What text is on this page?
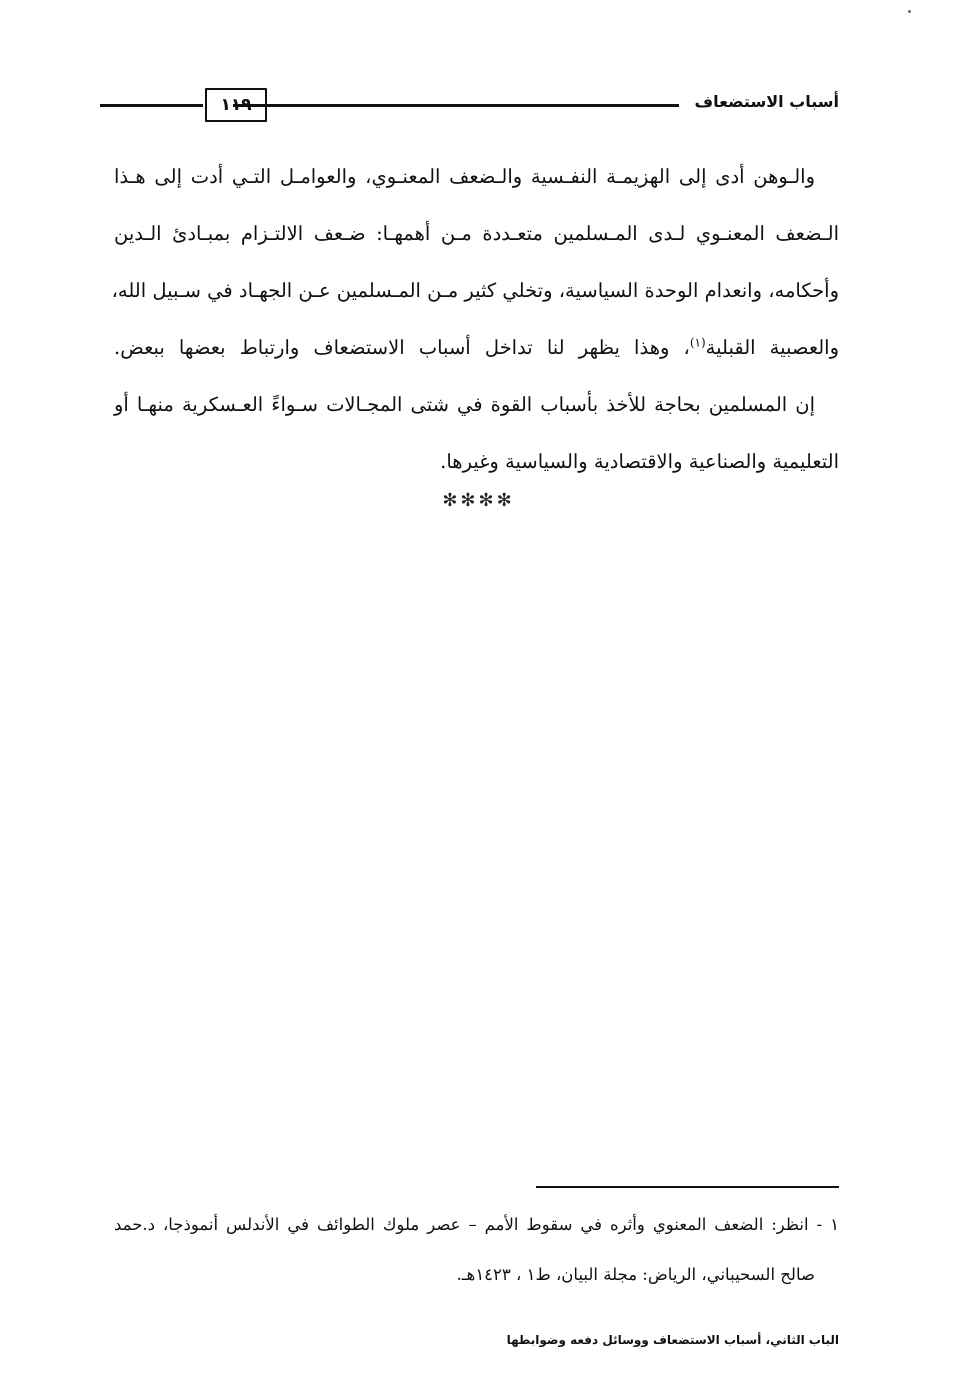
أسباب الاستضعاف
١١٩
والـوهن أدى إلى الهزيمـة النفـسية والـضعف المعنـوي، والعوامـل التـي أدت إلى هـذا
الـضعف المعنـوي لـدى المـسلمين متعـددة مـن أهمهـا: ضـعف الالتـزام بمبـادئ الـدين
وأحكامه، وانعدام الوحدة السياسية، وتخلي كثير مـن المـسلمين عـن الجهـاد في سـبيل الله،
والعصبية القبلية$^{(١)}$، وهذا يظهر لنا تداخل أسباب الاستضعاف وارتباط بعضها ببعض.
إن المسلمين بحاجة للأخذ بأسباب القوة في شتى المجـالات سـواءً العـسكرية منهـا أو
التعليمية والصناعية والاقتصادية والسياسية وغيرها.
✻✻✻✻
١ - انظر: الضعف المعنوي وأثره في سقوط الأمم – عصر ملوك الطوائف في الأندلس أنموذجا، د.حمد
صالح السحيباني، الرياض: مجلة البيان، ط١ ، ١٤٢٣هـ.
الباب الثاني، أسباب الاستضعاف ووسائل دفعه وضوابطها
